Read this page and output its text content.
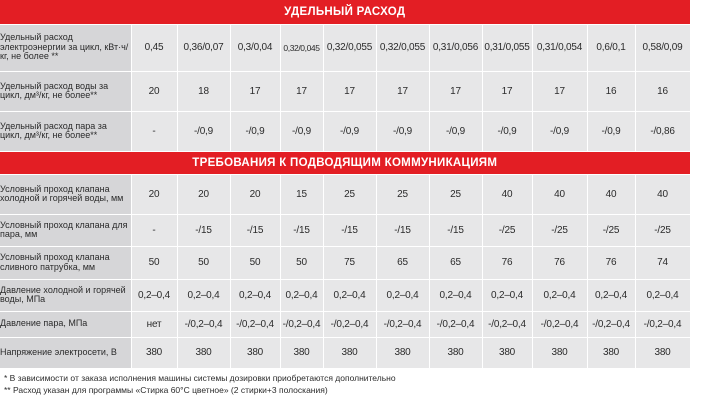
УДЕЛЬНЫЙ РАСХОД											
Удельный расход электроэнергии за цикл, кВт·ч/кг, не более **	0,45	0,36/0,07	0,3/0,04	0,32/0,045	0,32/0,055	0,32/0,055	0,31/0,056	0,31/0,055	0,31/0,054	0,6/0,1	0,58/0,09
Удельный расход воды за цикл, дм³/кг, не более**	20	18	17	17	17	17	17	17	17	16	16
Удельный расход пара за цикл, дм³/кг, не более**	-	-/0,9	-/0,9	-/0,9	-/0,9	-/0,9	-/0,9	-/0,9	-/0,9	-/0,9	-/0,86
ТРЕБОВАНИЯ К ПОДВОДЯЩИМ КОММУНИКАЦИЯМ											
Условный проход клапана холодной и горячей воды, мм	20	20	20	15	25	25	25	40	40	40	40
Условный проход клапана для пара, мм	-	-/15	-/15	-/15	-/15	-/15	-/15	-/25	-/25	-/25	-/25
Условный проход клапана сливного патрубка, мм	50	50	50	50	75	65	65	76	76	76	74
Давление холодной и горячей воды, МПа	0,2–0,4	0,2–0,4	0,2–0,4	0,2–0,4	0,2–0,4	0,2–0,4	0,2–0,4	0,2–0,4	0,2–0,4	0,2–0,4	0,2–0,4
Давление пара, МПа	нет	-/0,2–0,4	-/0,2–0,4	-/0,2–0,4	-/0,2–0,4	-/0,2–0,4	-/0,2–0,4	-/0,2–0,4	-/0,2–0,4	-/0,2–0,4	-/0,2–0,4
Напряжение электросети, В	380	380	380	380	380	380	380	380	380	380	380
* В зависимости от заказа исполнения машины системы дозировки приобретаются дополнительно
** Расход указан для программы «Стирка 60°С цветное» (2 стирки+3 полоскания)
